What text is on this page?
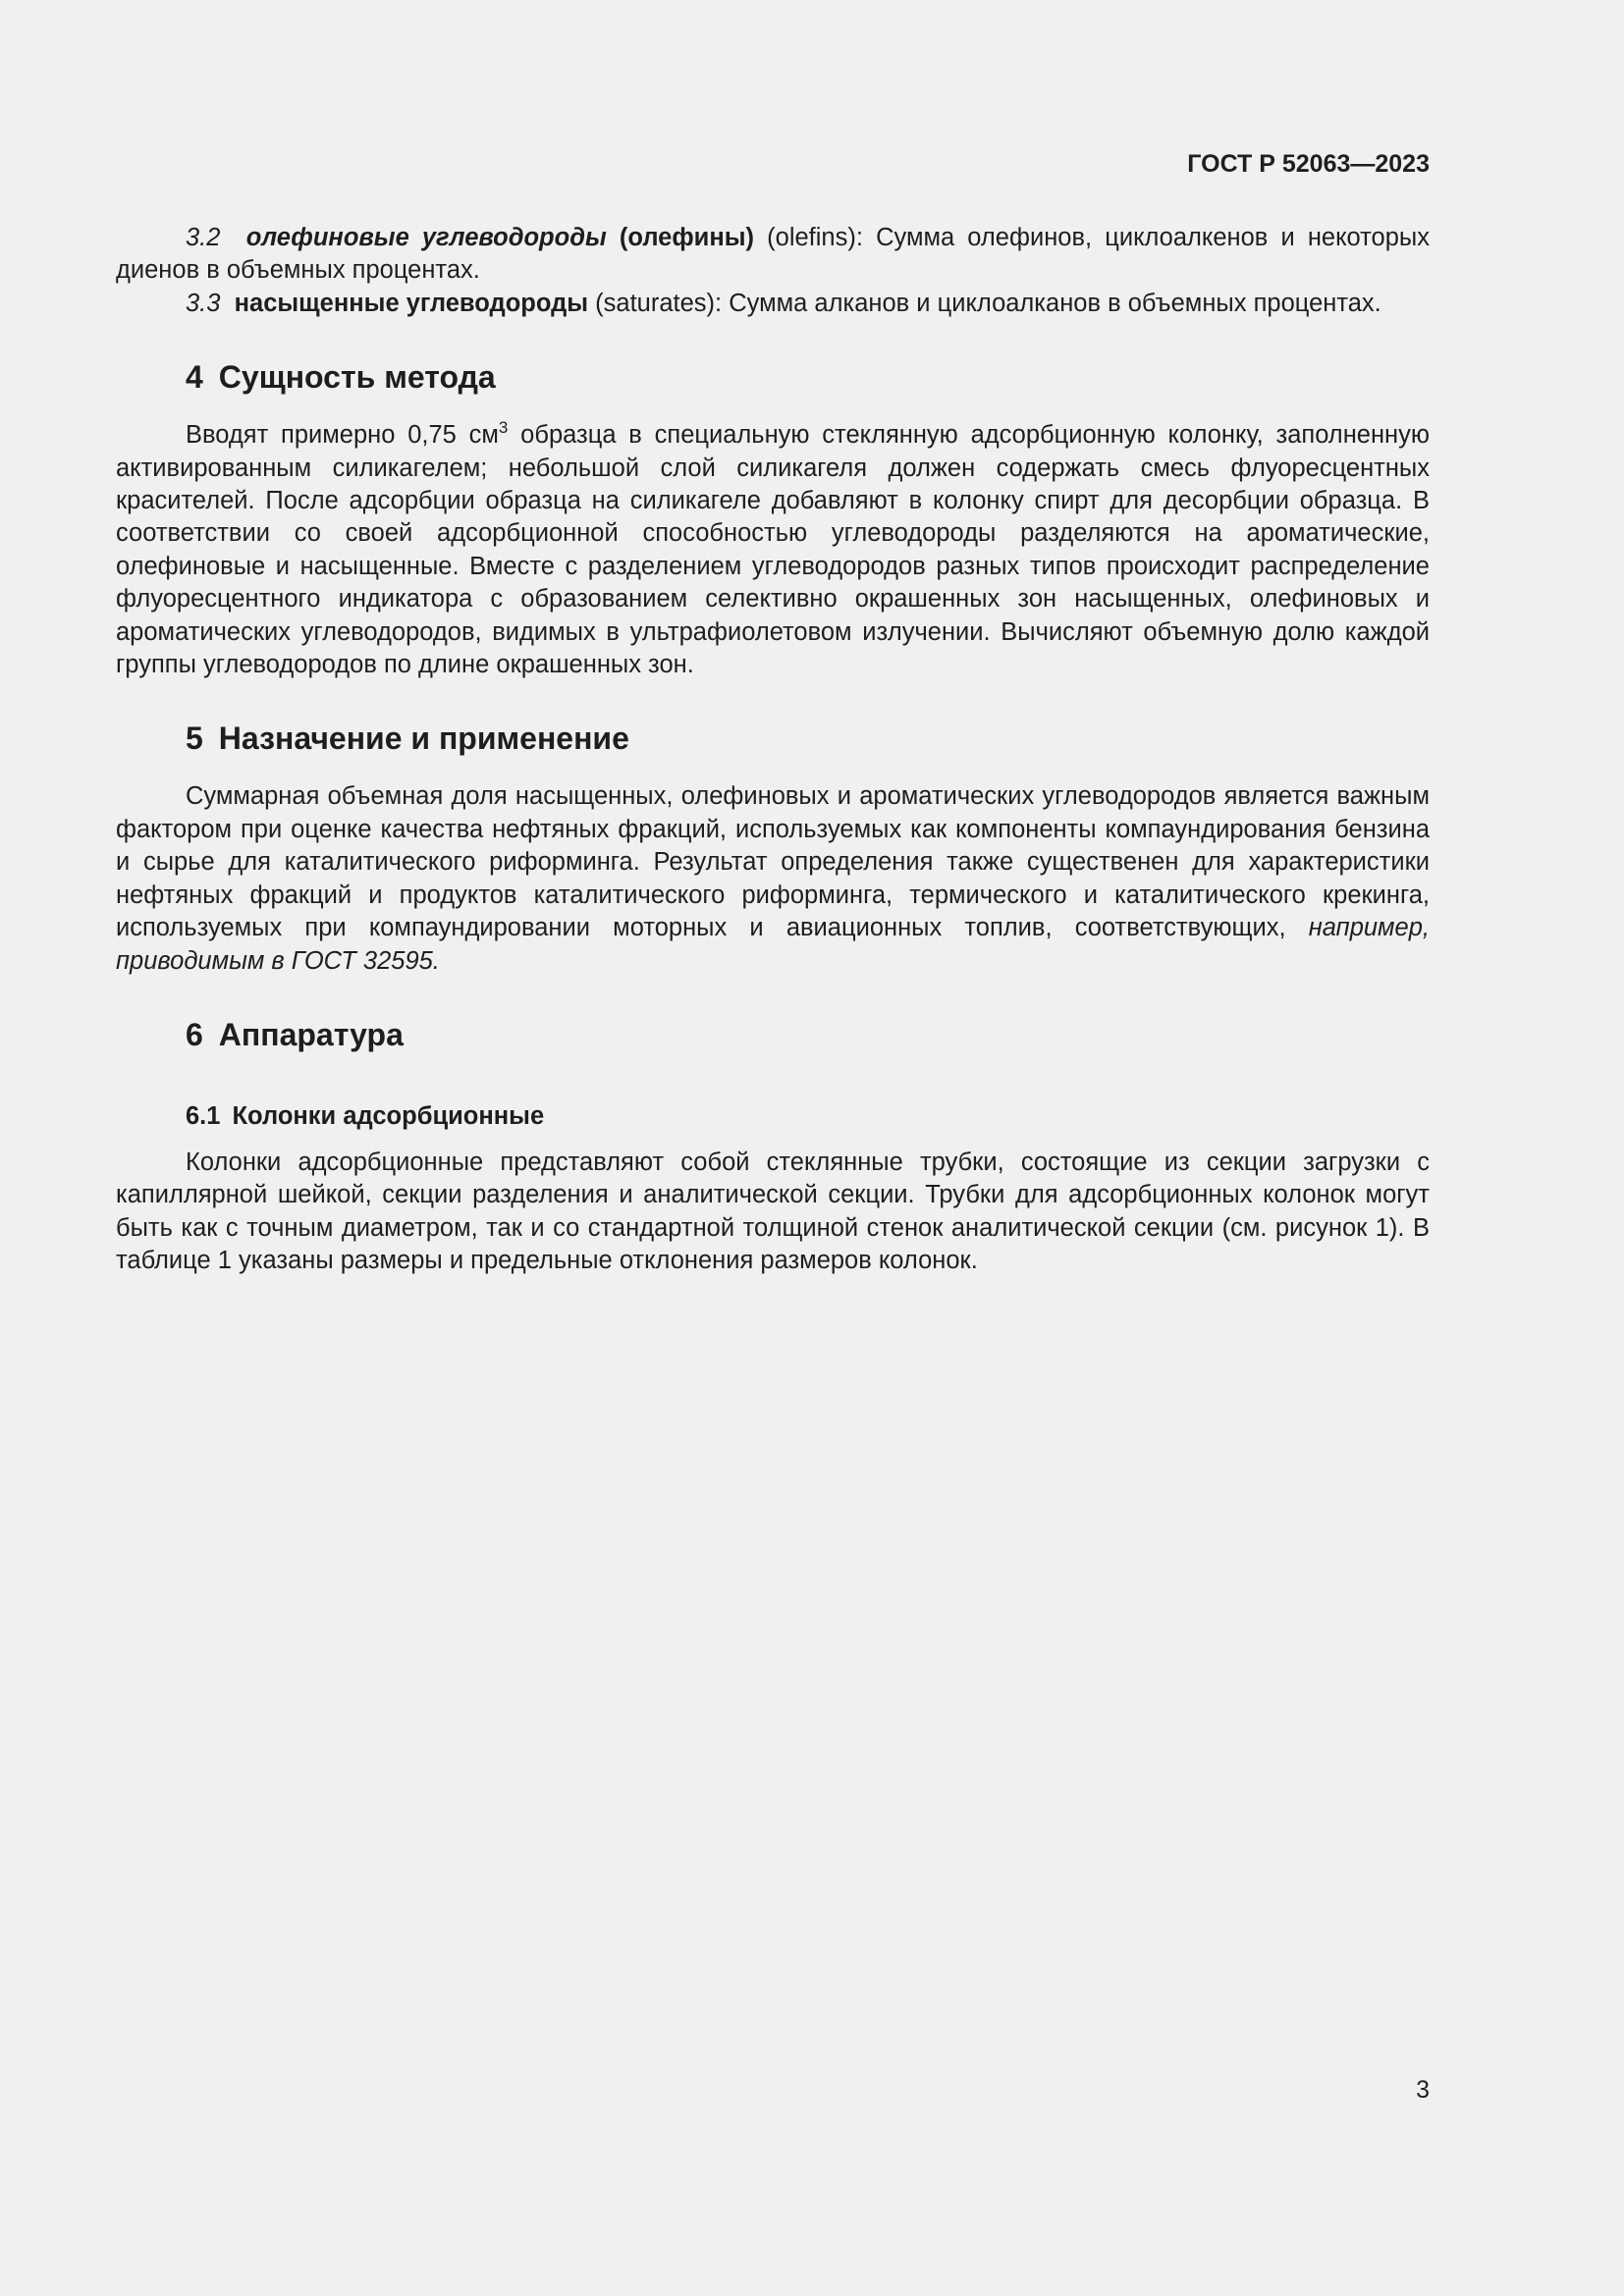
ГОСТ Р 52063—2023

3.2 олефиновые углеводороды (олефины) (olefins): Сумма олефинов, циклоалкенов и некоторых диенов в объемных процентах.

3.3 насыщенные углеводороды (saturates): Сумма алканов и циклоалканов в объемных процентах.

4 Сущность метода

Вводят примерно 0,75 $см^3$ образца в специальную стеклянную адсорбционную колонку, заполненную активированным силикагелем; небольшой слой силикагеля должен содержать смесь флуоресцентных красителей. После адсорбции образца на силикагеле добавляют в колонку спирт для десорбции образца. В соответствии со своей адсорбционной способностью углеводороды разделяются на ароматические, олефиновые и насыщенные. Вместе с разделением углеводородов разных типов происходит распределение флуоресцентного индикатора с образованием селективно окрашенных зон насыщенных, олефиновых и ароматических углеводородов, видимых в ультрафиолетовом излучении. Вычисляют объемную долю каждой группы углеводородов по длине окрашенных зон.

5 Назначение и применение

Суммарная объемная доля насыщенных, олефиновых и ароматических углеводородов является важным фактором при оценке качества нефтяных фракций, используемых как компоненты компаундирования бензина и сырье для каталитического риформинга. Результат определения также существенен для характеристики нефтяных фракций и продуктов каталитического риформинга, термического и каталитического крекинга, используемых при компаундировании моторных и авиационных топлив, соответствующих, например, приводимым в ГОСТ 32595.

6 Аппаратура
6.1 Колонки адсорбционные

Колонки адсорбционные представляют собой стеклянные трубки, состоящие из секции загрузки с капиллярной шейкой, секции разделения и аналитической секции. Трубки для адсорбционных колонок могут быть как с точным диаметром, так и со стандартной толщиной стенок аналитической секции (см. рисунок 1). В таблице 1 указаны размеры и предельные отклонения размеров колонок.

3
